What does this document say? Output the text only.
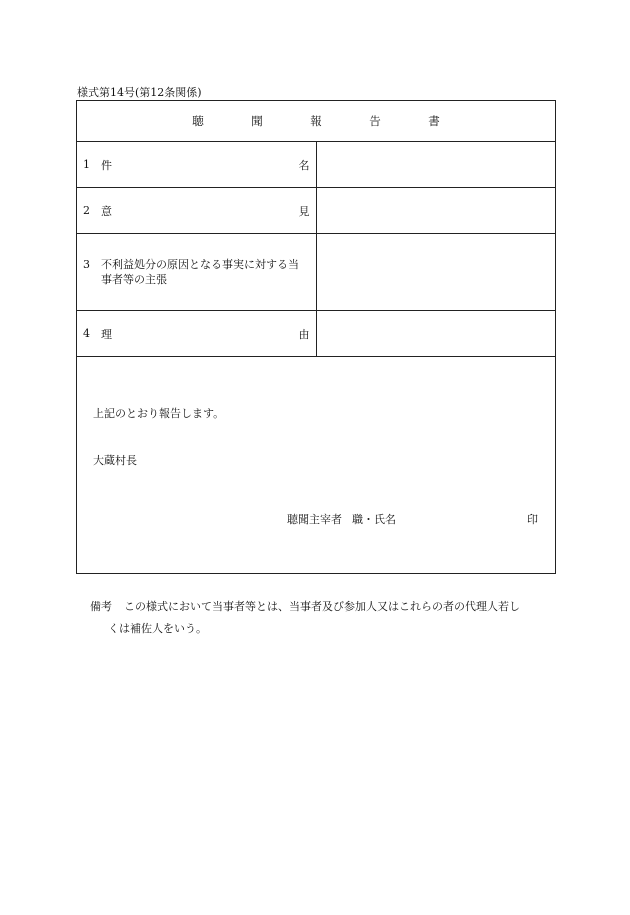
様式第14号(第12条関係)
聴　聞　報　告　書	

1 件 名	

2 意 見	

3 不利益処分の原因となる事実に対する当事者等の主張	

4 理 由	

上記のとおり報告します。
大蔵村長
聴聞主宰者 職・氏名 印	
備考 この様式において当事者等とは、当事者及び参加人又はこれらの者の代理人若し
くは補佐人をいう。
